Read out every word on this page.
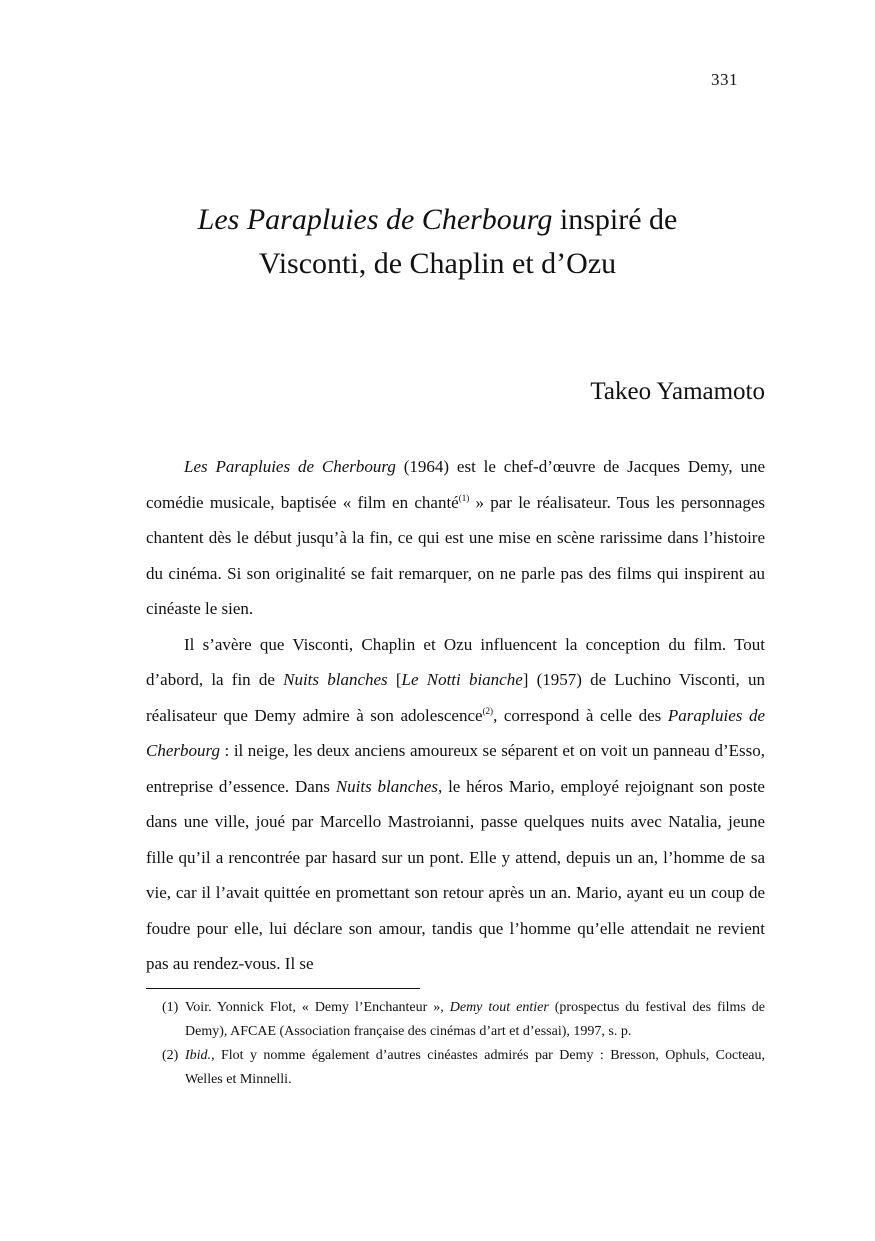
331
Les Parapluies de Cherbourg inspiré de
Visconti, de Chaplin et d’Ozu
Takeo Yamamoto

Les Parapluies de Cherbourg (1964) est le chef-d’œuvre de Jacques Demy, une comédie musicale, baptisée « film en chanté$^{(1)}$ » par le réalisateur. Tous les personnages chantent dès le début jusqu’à la fin, ce qui est une mise en scène rarissime dans l’histoire du cinéma. Si son originalité se fait remarquer, on ne parle pas des films qui inspirent au cinéaste le sien.

Il s’avère que Visconti, Chaplin et Ozu influencent la conception du film. Tout d’abord, la fin de Nuits blanches [Le Notti bianche] (1957) de Luchino Visconti, un réalisateur que Demy admire à son adolescence$^{(2)}$, correspond à celle des Parapluies de Cherbourg : il neige, les deux anciens amoureux se séparent et on voit un panneau d’Esso, entreprise d’essence. Dans Nuits blanches, le héros Mario, employé rejoignant son poste dans une ville, joué par Marcello Mastroianni, passe quelques nuits avec Natalia, jeune fille qu’il a rencontrée par hasard sur un pont. Elle y attend, depuis un an, l’homme de sa vie, car il l’avait quittée en promettant son retour après un an. Mario, ayant eu un coup de foudre pour elle, lui déclare son amour, tandis que l’homme qu’elle attendait ne revient pas au rendez-vous. Il se

(1) Voir. Yonnick Flot, « Demy l’Enchanteur », Demy tout entier (prospectus du festival des films de Demy), AFCAE (Association française des cinémas d’art et d’essai), 1997, s. p.
(2) Ibid., Flot y nomme également d’autres cinéastes admirés par Demy : Bresson, Ophuls, Cocteau, Welles et Minnelli.
